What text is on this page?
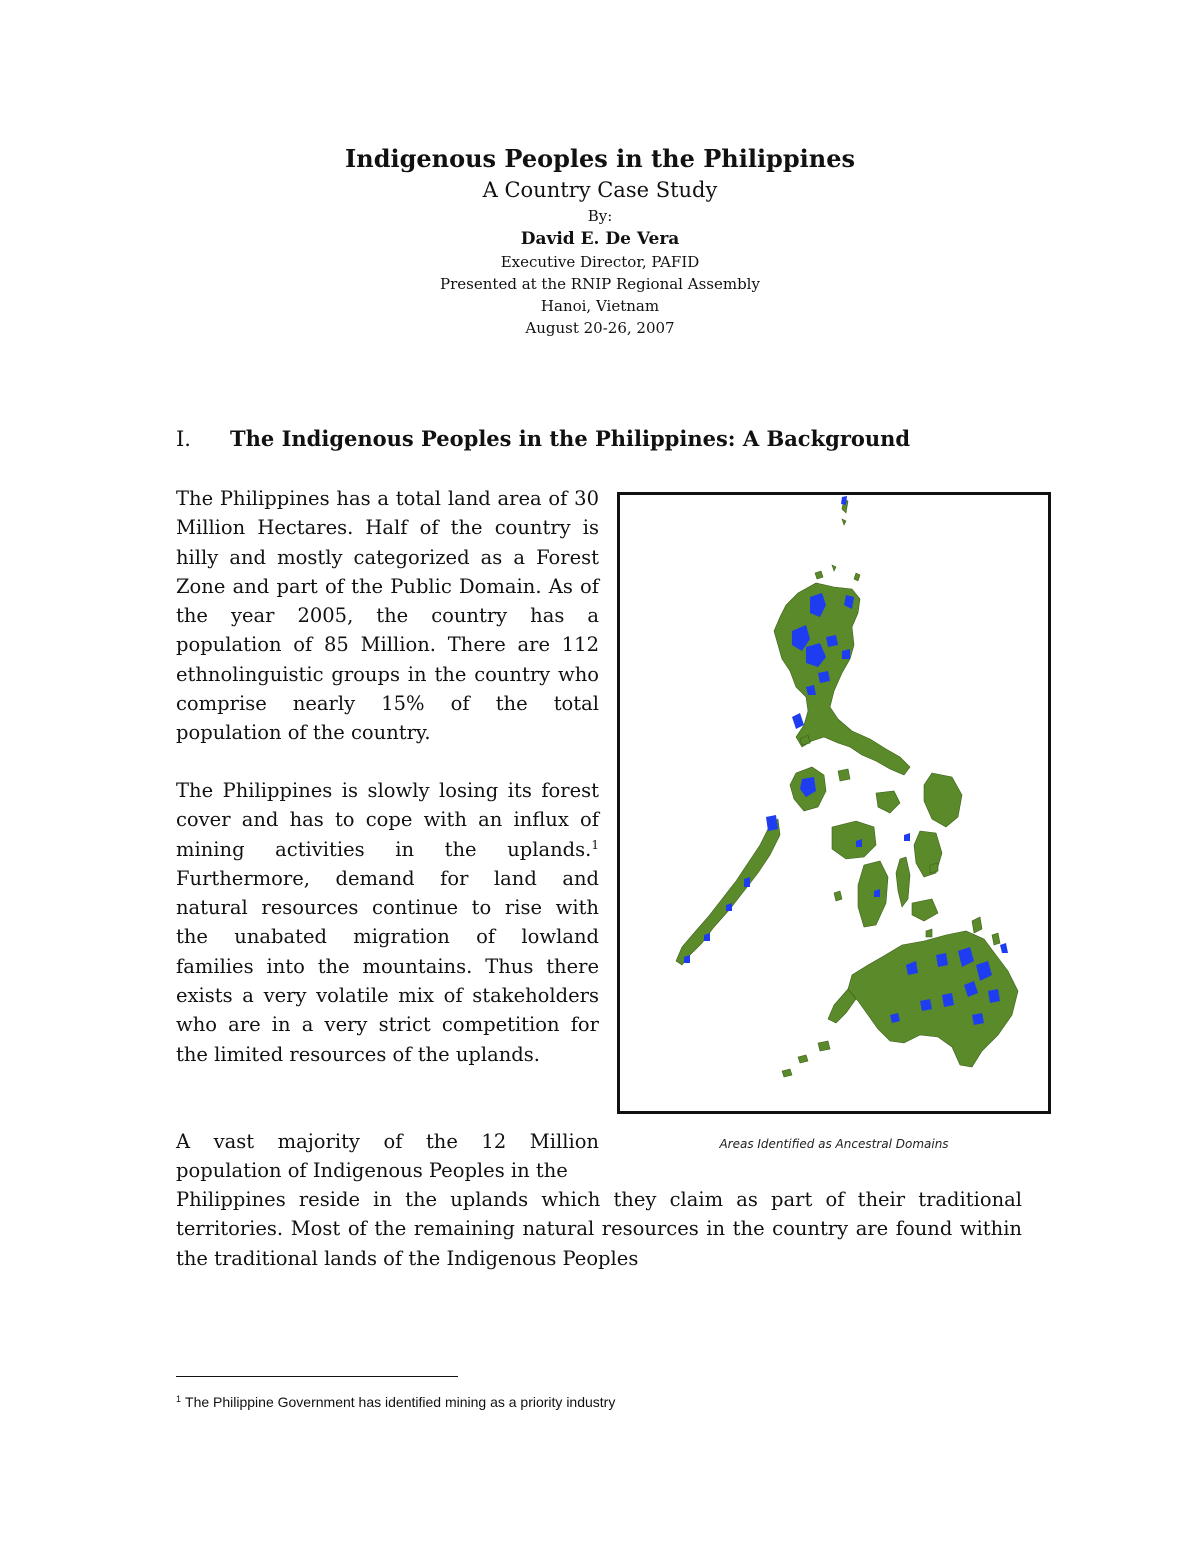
Indigenous Peoples in the Philippines
A Country Case Study
By:
David E. De Vera
Executive Director, PAFID
Presented at the RNIP Regional Assembly
Hanoi, Vietnam
August 20-26, 2007
I. The Indigenous Peoples in the Philippines: A Background
The Philippines has a total land area of 30 Million Hectares. Half of the country is hilly and mostly categorized as a Forest Zone and part of the Public Domain. As of the year 2005, the country has a population of 85 Million. There are 112 ethnolinguistic groups in the country who comprise nearly 15% of the total population of the country.
The Philippines is slowly losing its forest cover and has to cope with an influx of mining activities in the uplands.$^1$ Furthermore, demand for land and natural resources continue to rise with the unabated migration of lowland families into the mountains. Thus there exists a very volatile mix of stakeholders who are in a very strict competition for the limited resources of the uplands.
A vast majority of the 12 Million population of Indigenous Peoples in the
Philippines reside in the uplands which they claim as part of their traditional territories. Most of the remaining natural resources in the country are found within the traditional lands of the Indigenous Peoples
Areas Identified as Ancestral Domains
$^1$ The Philippine Government has identified mining as a priority industry
